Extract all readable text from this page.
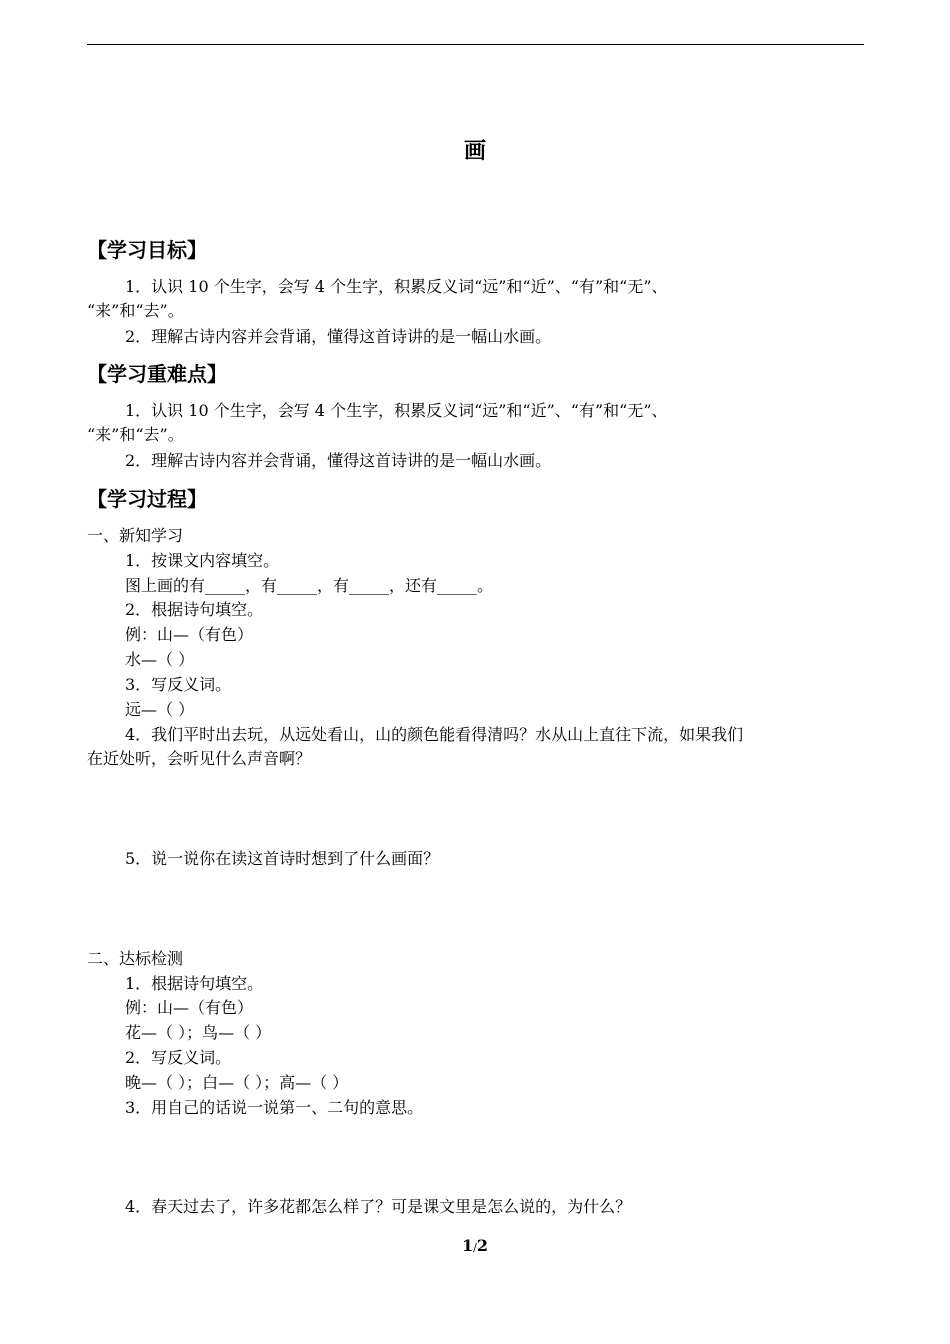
画
【学习目标】
1．认识 10 个生字，会写 4 个生字，积累反义词“远”和“近”、“有”和“无”、
“来”和“去”。
2．理解古诗内容并会背诵，懂得这首诗讲的是一幅山水画。
【学习重难点】
1．认识 10 个生字，会写 4 个生字，积累反义词“远”和“近”、“有”和“无”、
“来”和“去”。
2．理解古诗内容并会背诵，懂得这首诗讲的是一幅山水画。
【学习过程】
一、新知学习
1．按课文内容填空。
图上画的有_____，有_____，有_____，还有_____。
2．根据诗句填空。
例：山—（有色）
水—（ ）
3．写反义词。
远—（ ）
4．我们平时出去玩，从远处看山，山的颜色能看得清吗？水从山上直往下流，如果我们
在近处听，会听见什么声音啊？
5．说一说你在读这首诗时想到了什么画面？
二、达标检测
1．根据诗句填空。
例：山—（有色）
花—（ ）；鸟—（ ）
2．写反义词。
晚—（ ）；白—（ ）；高—（ ）
3．用自己的话说一说第一、二句的意思。
4．春天过去了，许多花都怎么样了？可是课文里是怎么说的，为什么？
1/2
